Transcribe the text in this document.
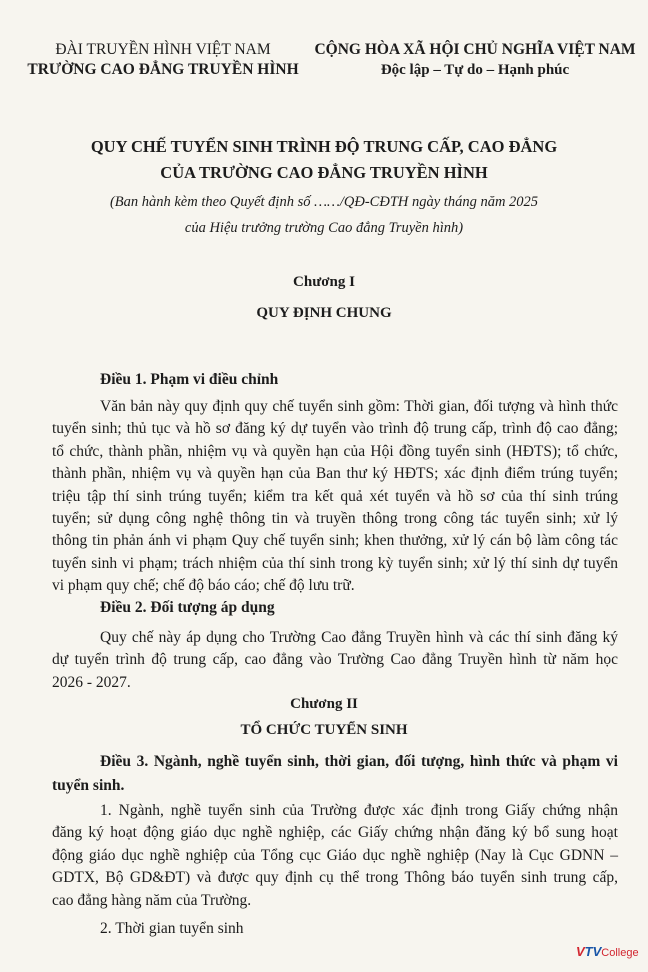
ĐÀI TRUYỀN HÌNH VIỆT NAM
TRƯỜNG CAO ĐẲNG TRUYỀN HÌNH
CỘNG HÒA XÃ HỘI CHỦ NGHĨA VIỆT NAM
Độc lập – Tự do – Hạnh phúc
QUY CHẾ TUYỂN SINH TRÌNH ĐỘ TRUNG CẤP, CAO ĐẲNG
CỦA TRƯỜNG CAO ĐẲNG TRUYỀN HÌNH
(Ban hành kèm theo Quyết định số ……/QĐ-CĐTH ngày tháng năm 2025
của Hiệu trưởng trường Cao đẳng Truyền hình)
Chương I
QUY ĐỊNH CHUNG
Điều 1. Phạm vi điều chỉnh
Văn bản này quy định quy chế tuyển sinh gồm: Thời gian, đối tượng và hình thức
tuyển sinh; thủ tục và hồ sơ đăng ký dự tuyển vào trình độ trung cấp, trình độ cao đẳng;
tổ chức, thành phần, nhiệm vụ và quyền hạn của Hội đồng tuyển sinh (HĐTS); tổ chức,
thành phần, nhiệm vụ và quyền hạn của Ban thư ký HĐTS; xác định điểm trúng tuyển;
triệu tập thí sinh trúng tuyển; kiểm tra kết quả xét tuyển và hồ sơ của thí sinh trúng
tuyển; sử dụng công nghệ thông tin và truyền thông trong công tác tuyển sinh; xử lý
thông tin phản ánh vi phạm Quy chế tuyển sinh; khen thưởng, xử lý cán bộ làm công tác
tuyển sinh vi phạm; trách nhiệm của thí sinh trong kỳ tuyển sinh; xử lý thí sinh dự tuyển
vi phạm quy chế; chế độ báo cáo; chế độ lưu trữ.
Điều 2. Đối tượng áp dụng
Quy chế này áp dụng cho Trường Cao đẳng Truyền hình và các thí sinh đăng ký
dự tuyển trình độ trung cấp, cao đẳng vào Trường Cao đẳng Truyền hình từ năm học
2026 - 2027.
Chương II
TỔ CHỨC TUYỂN SINH
Điều 3. Ngành, nghề tuyển sinh, thời gian, đối tượng, hình thức và phạm vi
tuyển sinh.
1. Ngành, nghề tuyển sinh của Trường được xác định trong Giấy chứng nhận
đăng ký hoạt động giáo dục nghề nghiệp, các Giấy chứng nhận đăng ký bổ sung hoạt
động giáo dục nghề nghiệp của Tổng cục Giáo dục nghề nghiệp (Nay là Cục GDNN –
GDTX, Bộ GD&ĐT) và được quy định cụ thể trong Thông báo tuyển sinh trung cấp,
cao đẳng hàng năm của Trường.
2. Thời gian tuyển sinh
VTVCollege
